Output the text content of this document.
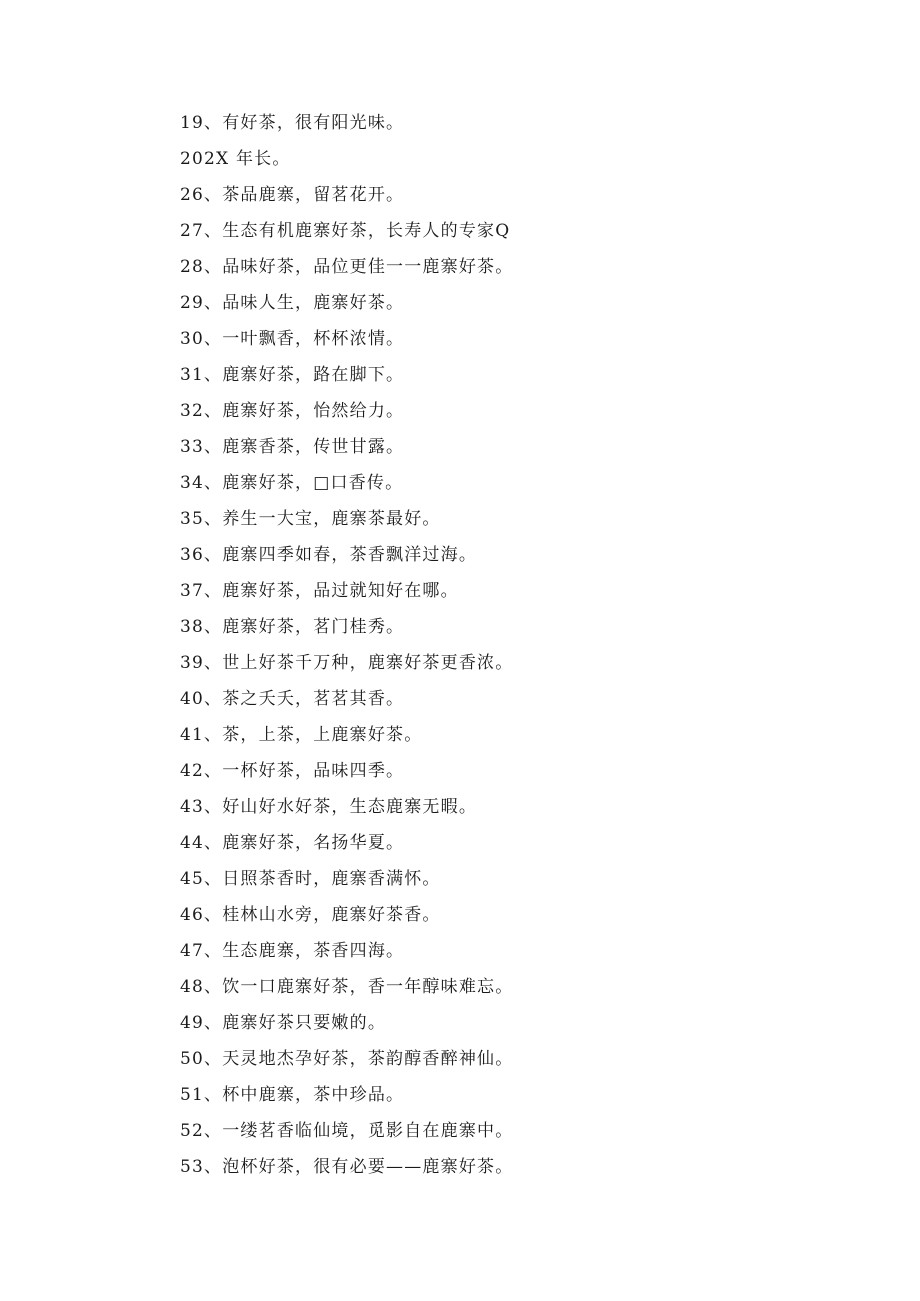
19、有好茶，很有阳光味。
202X 年长。
26、茶品鹿寨，留茗花开。
27、生态有机鹿寨好茶，长寿人的专家Q
28、品味好茶，品位更佳一一鹿寨好茶。
29、品味人生，鹿寨好茶。
30、一叶飘香，杯杯浓情。
31、鹿寨好茶，路在脚下。
32、鹿寨好茶，怡然给力。
33、鹿寨香茶，传世甘露。
34、鹿寨好茶，□口香传。
35、养生一大宝，鹿寨茶最好。
36、鹿寨四季如春，茶香飘洋过海。
37、鹿寨好茶，品过就知好在哪。
38、鹿寨好茶，茗门桂秀。
39、世上好茶千万种，鹿寨好茶更香浓。
40、茶之夭夭，茗茗其香。
41、茶，上茶，上鹿寨好茶。
42、一杯好茶，品味四季。
43、好山好水好茶，生态鹿寨无暇。
44、鹿寨好茶，名扬华夏。
45、日照茶香时，鹿寨香满怀。
46、桂林山水旁，鹿寨好茶香。
47、生态鹿寨，茶香四海。
48、饮一口鹿寨好茶，香一年醇味难忘。
49、鹿寨好茶只要嫩的。
50、天灵地杰孕好茶，茶韵醇香醉神仙。
51、杯中鹿寨，茶中珍品。
52、一缕茗香临仙境，觅影自在鹿寨中。
53、泡杯好茶，很有必要——鹿寨好茶。
